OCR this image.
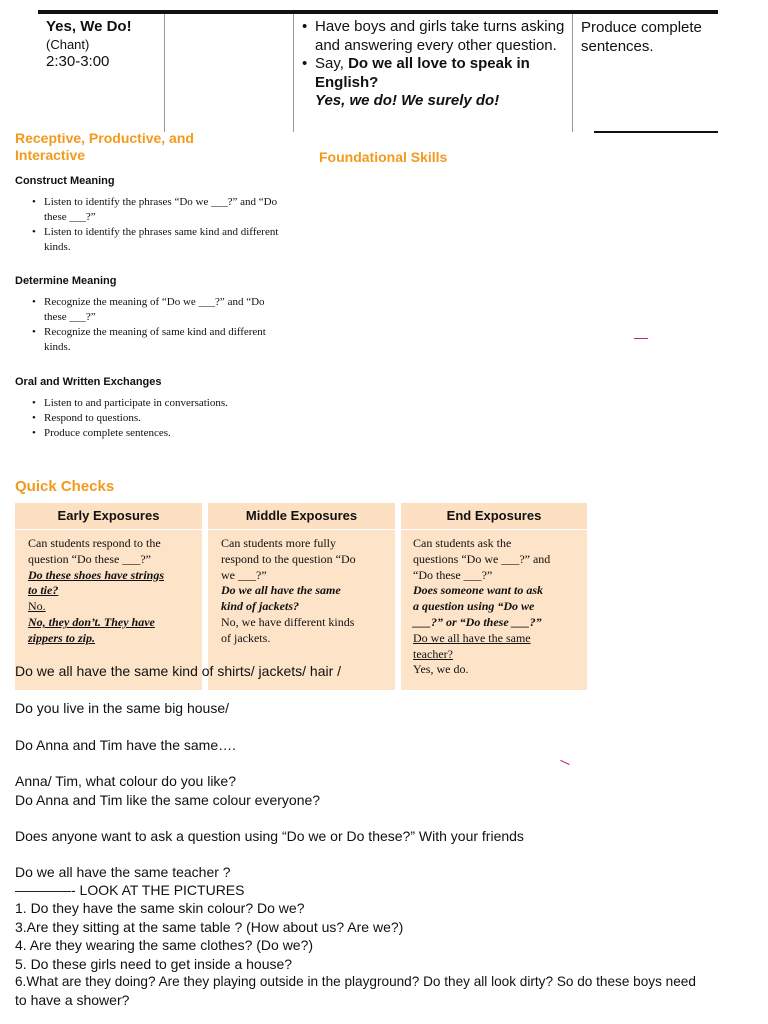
Yes, We Do!
(Chant)
2:30-3:00
• Have boys and girls take turns asking and answering every other question.
• Say, Do we all love to speak in English?
Yes, we do! We surely do!
Produce complete sentences.
Receptive, Productive, and Interactive	Foundational Skills
Construct Meaning
• Listen to identify the phrases “Do we ___?” and “Do these ___?”
• Listen to identify the phrases same kind and different kinds.
Determine Meaning
• Recognize the meaning of “Do we ___?” and “Do these ___?”
• Recognize the meaning of same kind and different kinds.
Oral and Written Exchanges
• Listen to and participate in conversations.
• Respond to questions.
• Produce complete sentences.
Quick Checks
Early Exposures	Middle Exposures	End Exposures
Can students respond to the
question “Do these ___?”
Do these shoes have strings
to tie?
No.
No, they don’t. They have
zippers to zip.
Can students more fully
respond to the question “Do
we ___?”
Do we all have the same
kind of jackets?
No, we have different kinds
of jackets.
Can students ask the
questions “Do we ___?” and
“Do these ___?”
Does someone want to ask
a question using “Do we
___?” or “Do these ___?”
Do we all have the same
teacher?
Yes, we do.
Do we all have the same kind of shirts/ jackets/ hair /
Do you live in the same big house/
Do Anna and Tim have the same….
Anna/ Tim, what colour do you like?
Do Anna and Tim like the same colour everyone?
Does anyone want to ask a question using “Do we or Do these?” With your friends
Do we all have the same teacher ?
————- LOOK AT THE PICTURES
1. Do they have the same skin colour? Do we?
3.Are they sitting at the same table ? (How about us? Are we?)
4. Are they wearing the same clothes? (Do we?)
5. Do these girls need to get inside a house?
6.What are they doing? Are they playing outside in the playground? Do they all look dirty? So do these boys need
to have a shower?
